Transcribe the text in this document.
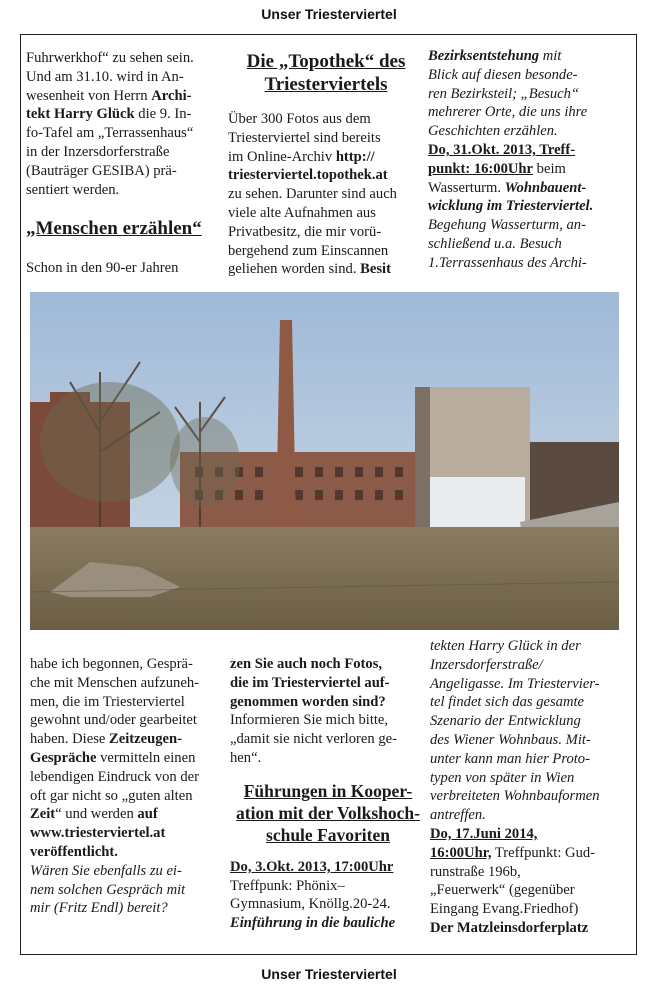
Unser Triesterviertel

Fuhrwerkhof“ zu sehen sein.

Und am 31.10. wird in An-

wesenheit von Herrn Archi-

tekt Harry Glück die 9. In-

fo-Tafel am „Terrassenhaus“

in der Inzersdorferstraße

(Bauträger GESIBA) prä-

sentiert werden.

„Menschen erzählen“

Schon in den 90-er Jahren

Die „Topothek“ des
Triesterviertels

Über 300 Fotos aus dem

Triesterviertel sind bereits

im Online-Archiv http://

triesterviertel.topothek.at

zu sehen. Darunter sind auch

viele alte Aufnahmen aus

Privatbesitz, die mir vorü-

bergehend zum Einscannen

geliehen worden sind. Besit

Bezirksentstehung mit

Blick auf diesen besonde-

ren Bezirksteil; „Besuch“

mehrerer Orte, die uns ihre

Geschichten erzählen.

Do, 31.Okt. 2013, Treff-

punkt: 16:00Uhr beim

Wasserturm. Wohnbauent-

wicklung im Triesterviertel.

Begehung Wasserturm, an-

schließend u.a. Besuch

1.Terrassenhaus des Archi-

habe ich begonnen, Gesprä-

che mit Menschen aufzuneh-

men, die im Triesterviertel

gewohnt und/oder gearbeitet

haben. Diese Zeitzeugen-

Gespräche vermitteln einen

lebendigen Eindruck von der

oft gar nicht so „guten alten

Zeit“ und werden auf

www.triesterviertel.at

veröffentlicht.

Wären Sie ebenfalls zu ei-

nem solchen Gespräch mit

mir (Fritz Endl) bereit?

zen Sie auch noch Fotos,

die im Triesterviertel auf-

genommen worden sind?

Informieren Sie mich bitte,

„damit sie nicht verloren ge-

hen“.

Führungen in Kooper-
ation mit der Volkshoch-
schule Favoriten

Do, 3.Okt. 2013, 17:00Uhr

Treffpunk: Phönix–

Gymnasium, Knöllg.20-24.

Einführung in die bauliche

tekten Harry Glück in der

Inzersdorferstraße/

Angeligasse. Im Triestervier-

tel findet sich das gesamte

Szenario der Entwicklung

des Wiener Wohnbaus. Mit-

unter kann man hier Proto-

typen von später in Wien

verbreiteten Wohnbauformen

antreffen.

Do, 17.Juni 2014,

16:00Uhr, Treffpunkt: Gud-

runstraße 196b,

„Feuerwerk“ (gegenüber

Eingang Evang.Friedhof)

Der Matzleinsdorferplatz

Unser Triesterviertel
